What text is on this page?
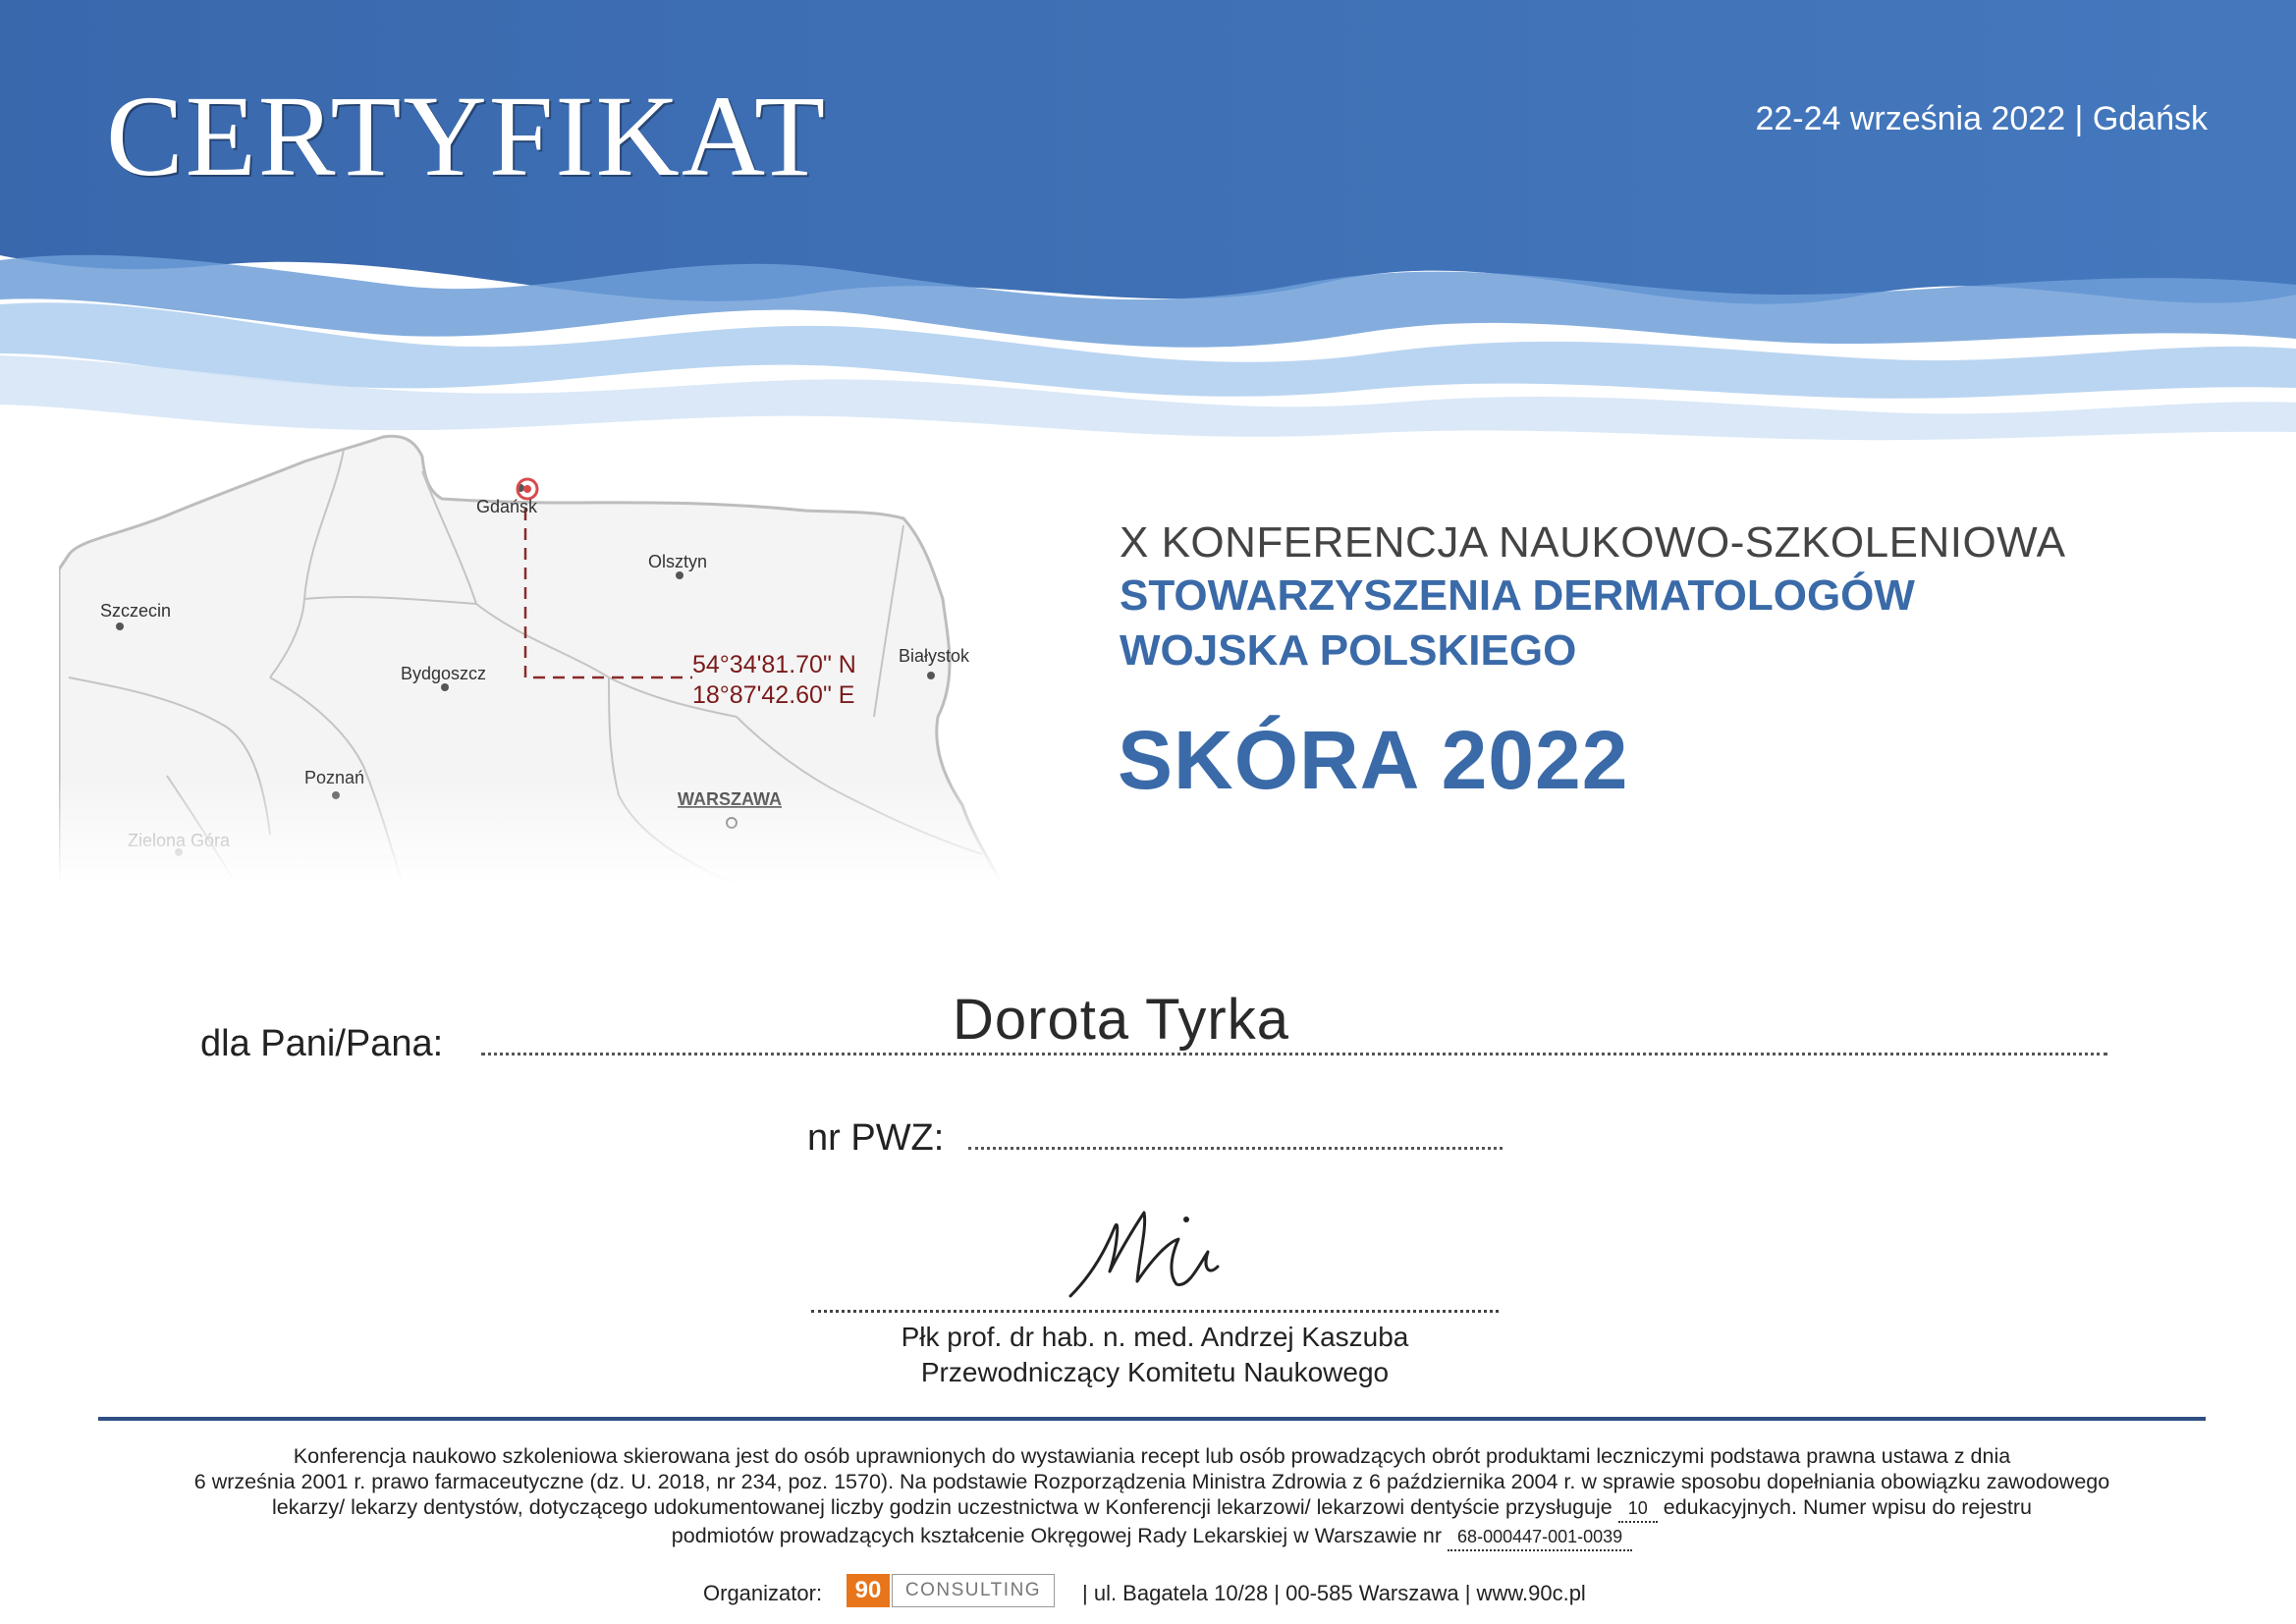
CERTYFIKAT	22-24 września 2022 | Gdańsk
Gdańsk
Olsztyn
Szczecin
Bydgoszcz
Białystok
54°34'81.70" N
18°87'42.60" E
X KONFERENCJA NAUKOWO-SZKOLENIOWA
STOWARZYSZENIA DERMATOLOGÓW
WOJSKA POLSKIEGO
SKÓRA 2022
dla Pani/Pana:	Dorota Tyrka
nr PWZ:
Płk prof. dr hab. n. med. Andrzej Kaszuba
Przewodniczący Komitetu Naukowego
Konferencja naukowo szkoleniowa skierowana jest do osób uprawnionych do wystawiania recept lub osób prowadzących obrót produktami leczniczymi podstawa prawna ustawa z dnia
6 września 2001 r. prawo farmaceutyczne (dz. U. 2018, nr 234, poz. 1570). Na podstawie Rozporządzenia Ministra Zdrowia z 6 października 2004 r. w sprawie sposobu dopełniania obowiązku zawodowego
lekarzy/ lekarzy dentystów, dotyczącego udokumentowanej liczby godzin uczestnictwa w Konferencji lekarzowi/ lekarzowi dentyście przysługuje 10 edukacyjnych. Numer wpisu do rejestru
podmiotów prowadzących kształcenie Okręgowej Rady Lekarskiej w Warszawie nr 68-000447-001-0039
Organizator:	90	CONSULTING	| ul. Bagatela 10/28 | 00-585 Warszawa | www.90c.pl
